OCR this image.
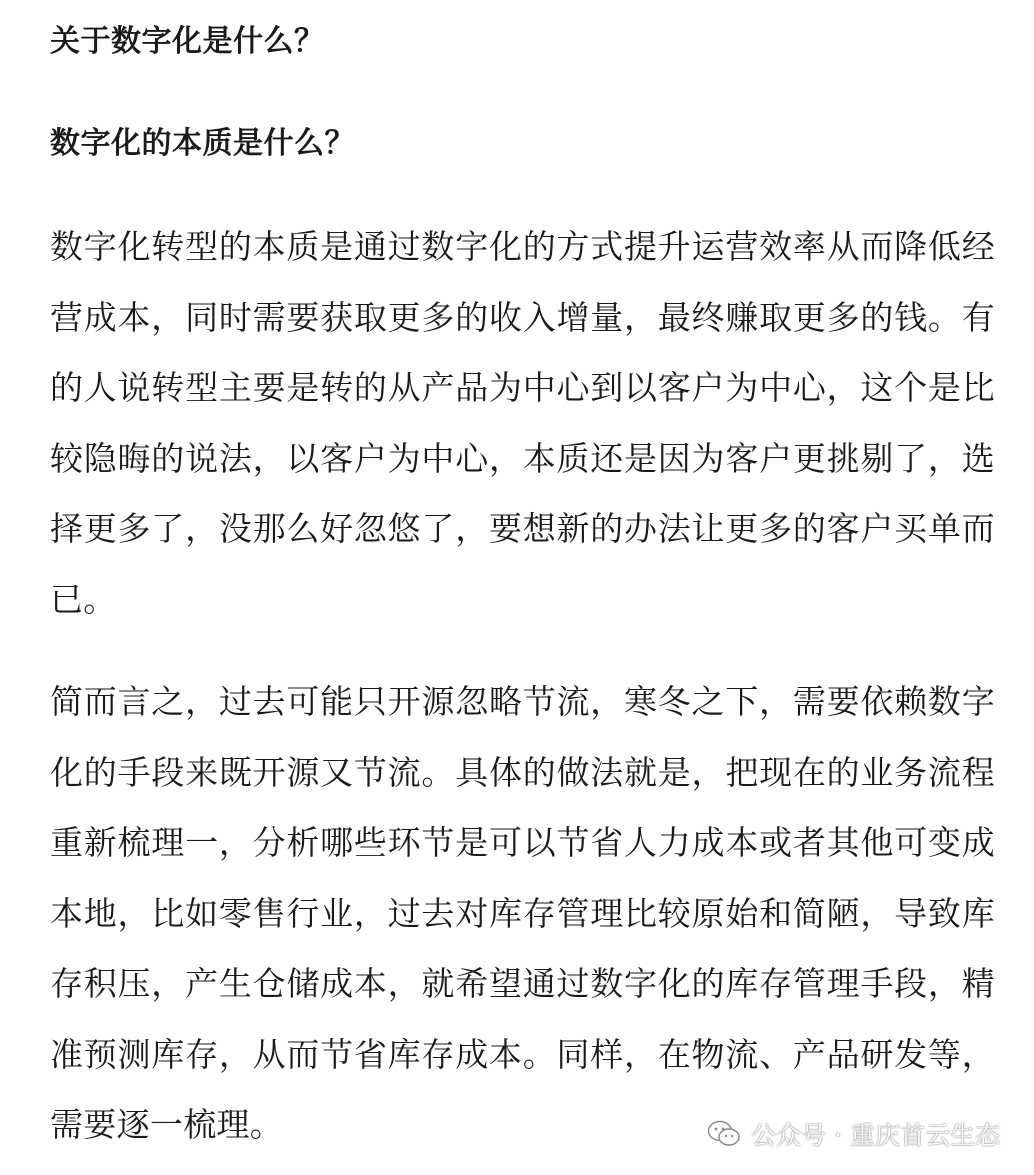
关于数字化是什么？
数字化的本质是什么？

数字化转型的本质是通过数字化的方式提升运营效率从而降低经营成本，同时需要获取更多的收入增量，最终赚取更多的钱。有的人说转型主要是转的从产品为中心到以客户为中心，这个是比较隐晦的说法，以客户为中心，本质还是因为客户更挑剔了，选择更多了，没那么好忽悠了，要想新的办法让更多的客户买单而已。

简而言之，过去可能只开源忽略节流，寒冬之下，需要依赖数字化的手段来既开源又节流。具体的做法就是，把现在的业务流程重新梳理一，分析哪些环节是可以节省人力成本或者其他可变成本地，比如零售行业，过去对库存管理比较原始和简陋，导致库存积压，产生仓储成本，就希望通过数字化的库存管理手段，精准预测库存，从而节省库存成本。同样，在物流、产品研发等，需要逐一梳理。	公众号 · 重庆首云生态
